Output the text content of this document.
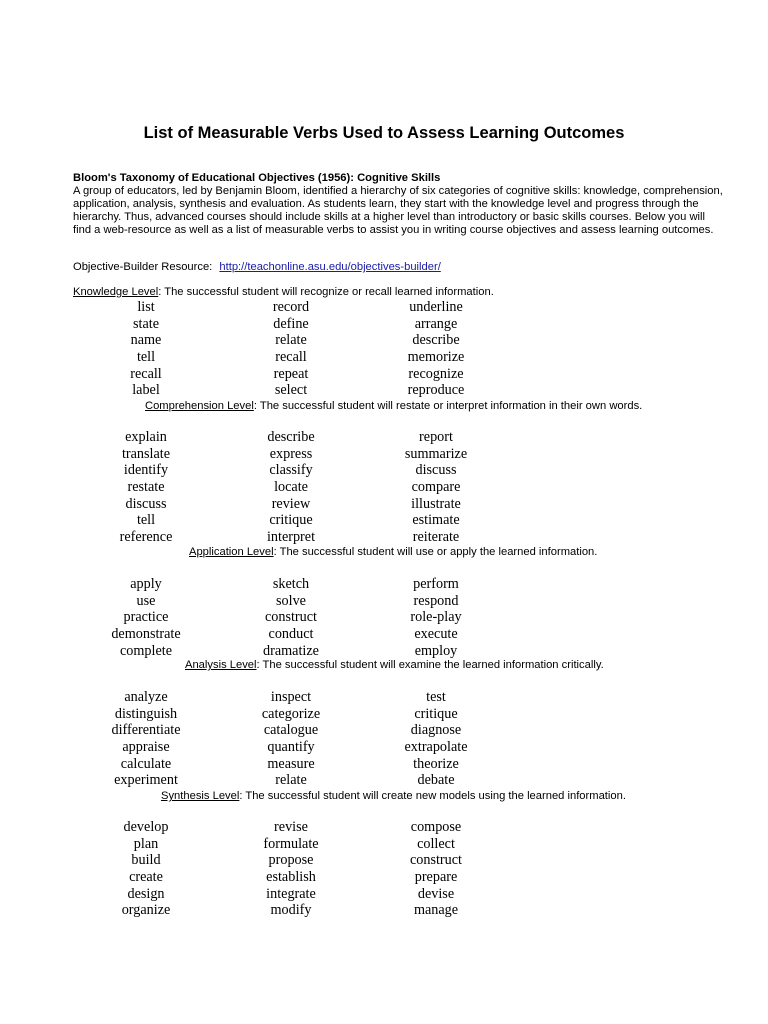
List of Measurable Verbs Used to Assess Learning Outcomes
Bloom's Taxonomy of Educational Objectives (1956): Cognitive Skills
A group of educators, led by Benjamin Bloom, identified a hierarchy of six categories of cognitive skills: knowledge, comprehension, application, analysis, synthesis and evaluation. As students learn, they start with the knowledge level and progress through the hierarchy. Thus, advanced courses should include skills at a higher level than introductory or basic skills courses. Below you will find a web-resource as well as a list of measurable verbs to assist you in writing course objectives and assess learning outcomes.
Objective-Builder Resource: http://teachonline.asu.edu/objectives-builder/
Knowledge Level: The successful student will recognize or recall learned information.
list	record	underline
state	define	arrange
name	relate	describe
tell	recall	memorize
recall	repeat	recognize
label	select	reproduce
Comprehension Level: The successful student will restate or interpret information in their own words.
explain	describe	report
translate	express	summarize
identify	classify	discuss
restate	locate	compare
discuss	review	illustrate
tell	critique	estimate
reference	interpret	reiterate
Application Level: The successful student will use or apply the learned information.
apply	sketch	perform
use	solve	respond
practice	construct	role-play
demonstrate	conduct	execute
complete	dramatize	employ
Analysis Level: The successful student will examine the learned information critically.
analyze	inspect	test
distinguish	categorize	critique
differentiate	catalogue	diagnose
appraise	quantify	extrapolate
calculate	measure	theorize
experiment	relate	debate
Synthesis Level: The successful student will create new models using the learned information.
develop	revise	compose
plan	formulate	collect
build	propose	construct
create	establish	prepare
design	integrate	devise
organize	modify	manage
